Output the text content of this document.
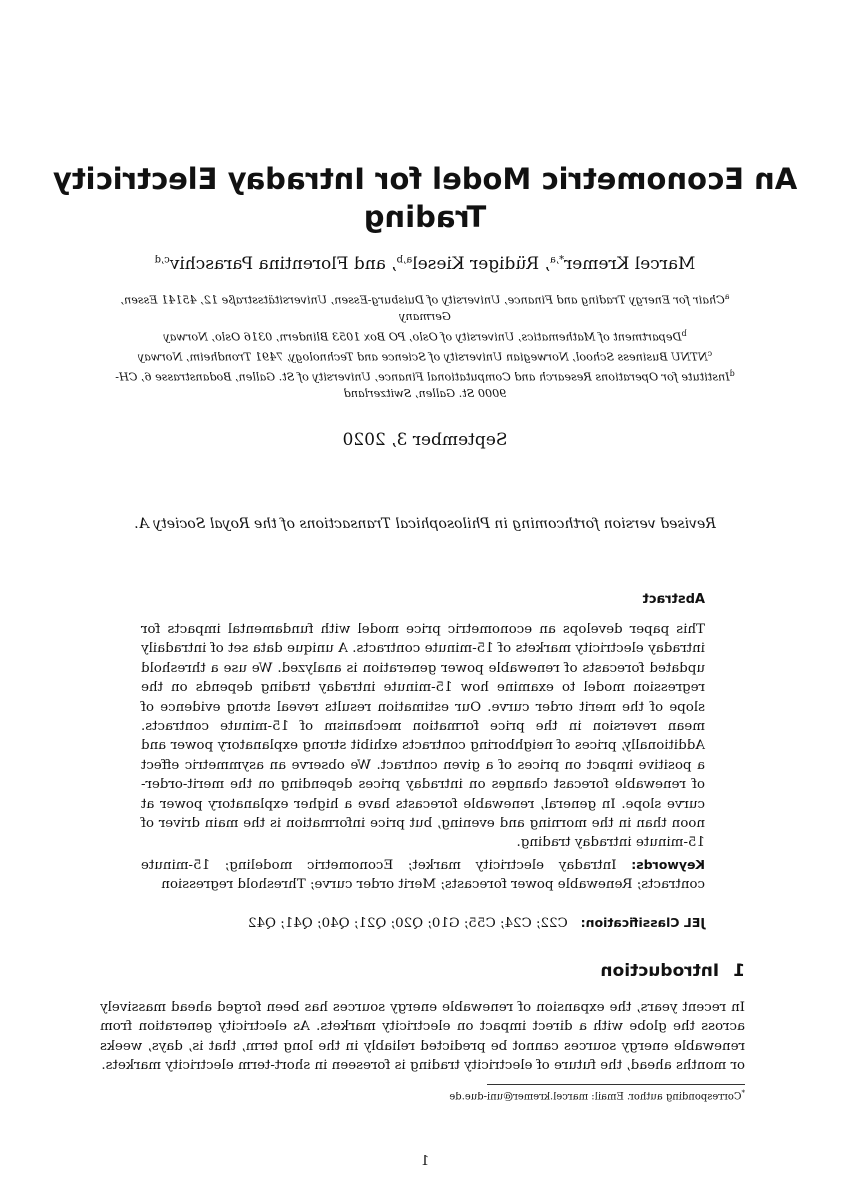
An Econometric Model for Intraday Electricity Trading
Marcel Kremer$^{*,a}$, Rüdiger Kiesel$^{a,b}$, and Florentina Paraschiv$^{c,d}$
$^a$Chair for Energy Trading and Finance, University of Duisburg-Essen, Universitätsstraße 12, 45141 Essen, Germany
$^b$Department of Mathematics, University of Oslo, PO Box 1053 Blindern, 0316 Oslo, Norway
$^c$NTNU Business School, Norwegian University of Science and Technology, 7491 Trondheim, Norway
$^d$Institute for Operations Research and Computational Finance, University of St. Gallen, Bodanstrasse 6, CH-9000 St. Gallen, Switzerland
September 3, 2020
Revised version forthcoming in Philosophical Transactions of the Royal Society A.
Abstract
This paper develops an econometric price model with fundamental impacts for intraday electricity markets of 15-minute contracts. A unique data set of intradaily updated forecasts of renewable power generation is analyzed. We use a threshold regression model to examine how 15-minute intraday trading depends on the slope of the merit order curve. Our estimation results reveal strong evidence of mean reversion in the price formation mechanism of 15-minute contracts. Additionally, prices of neighboring contracts exhibit strong explanatory power and a positive impact on prices of a given contract. We observe an asymmetric effect of renewable forecast changes on intraday prices depending on the merit-order-curve slope. In general, renewable forecasts have a higher explanatory power at noon than in the morning and evening, but price information is the main driver of 15-minute intraday trading.
Keywords: Intraday electricity market; Econometric modeling; 15-minute contracts; Renewable power forecasts; Merit order curve; Threshold regression
JEL Classification:   C22; C24; C55; G10; Q20; Q21; Q40; Q41; Q42
1Introduction
In recent years, the expansion of renewable energy sources has been forged ahead massively across the globe with a direct impact on electricity markets. As electricity generation from renewable energy sources cannot be predicted reliably in the long term, that is, days, weeks or months ahead, the future of electricity trading is foreseen in short-term electricity markets.
*Corresponding author. Email: marcel.kremer@uni-due.de
1
